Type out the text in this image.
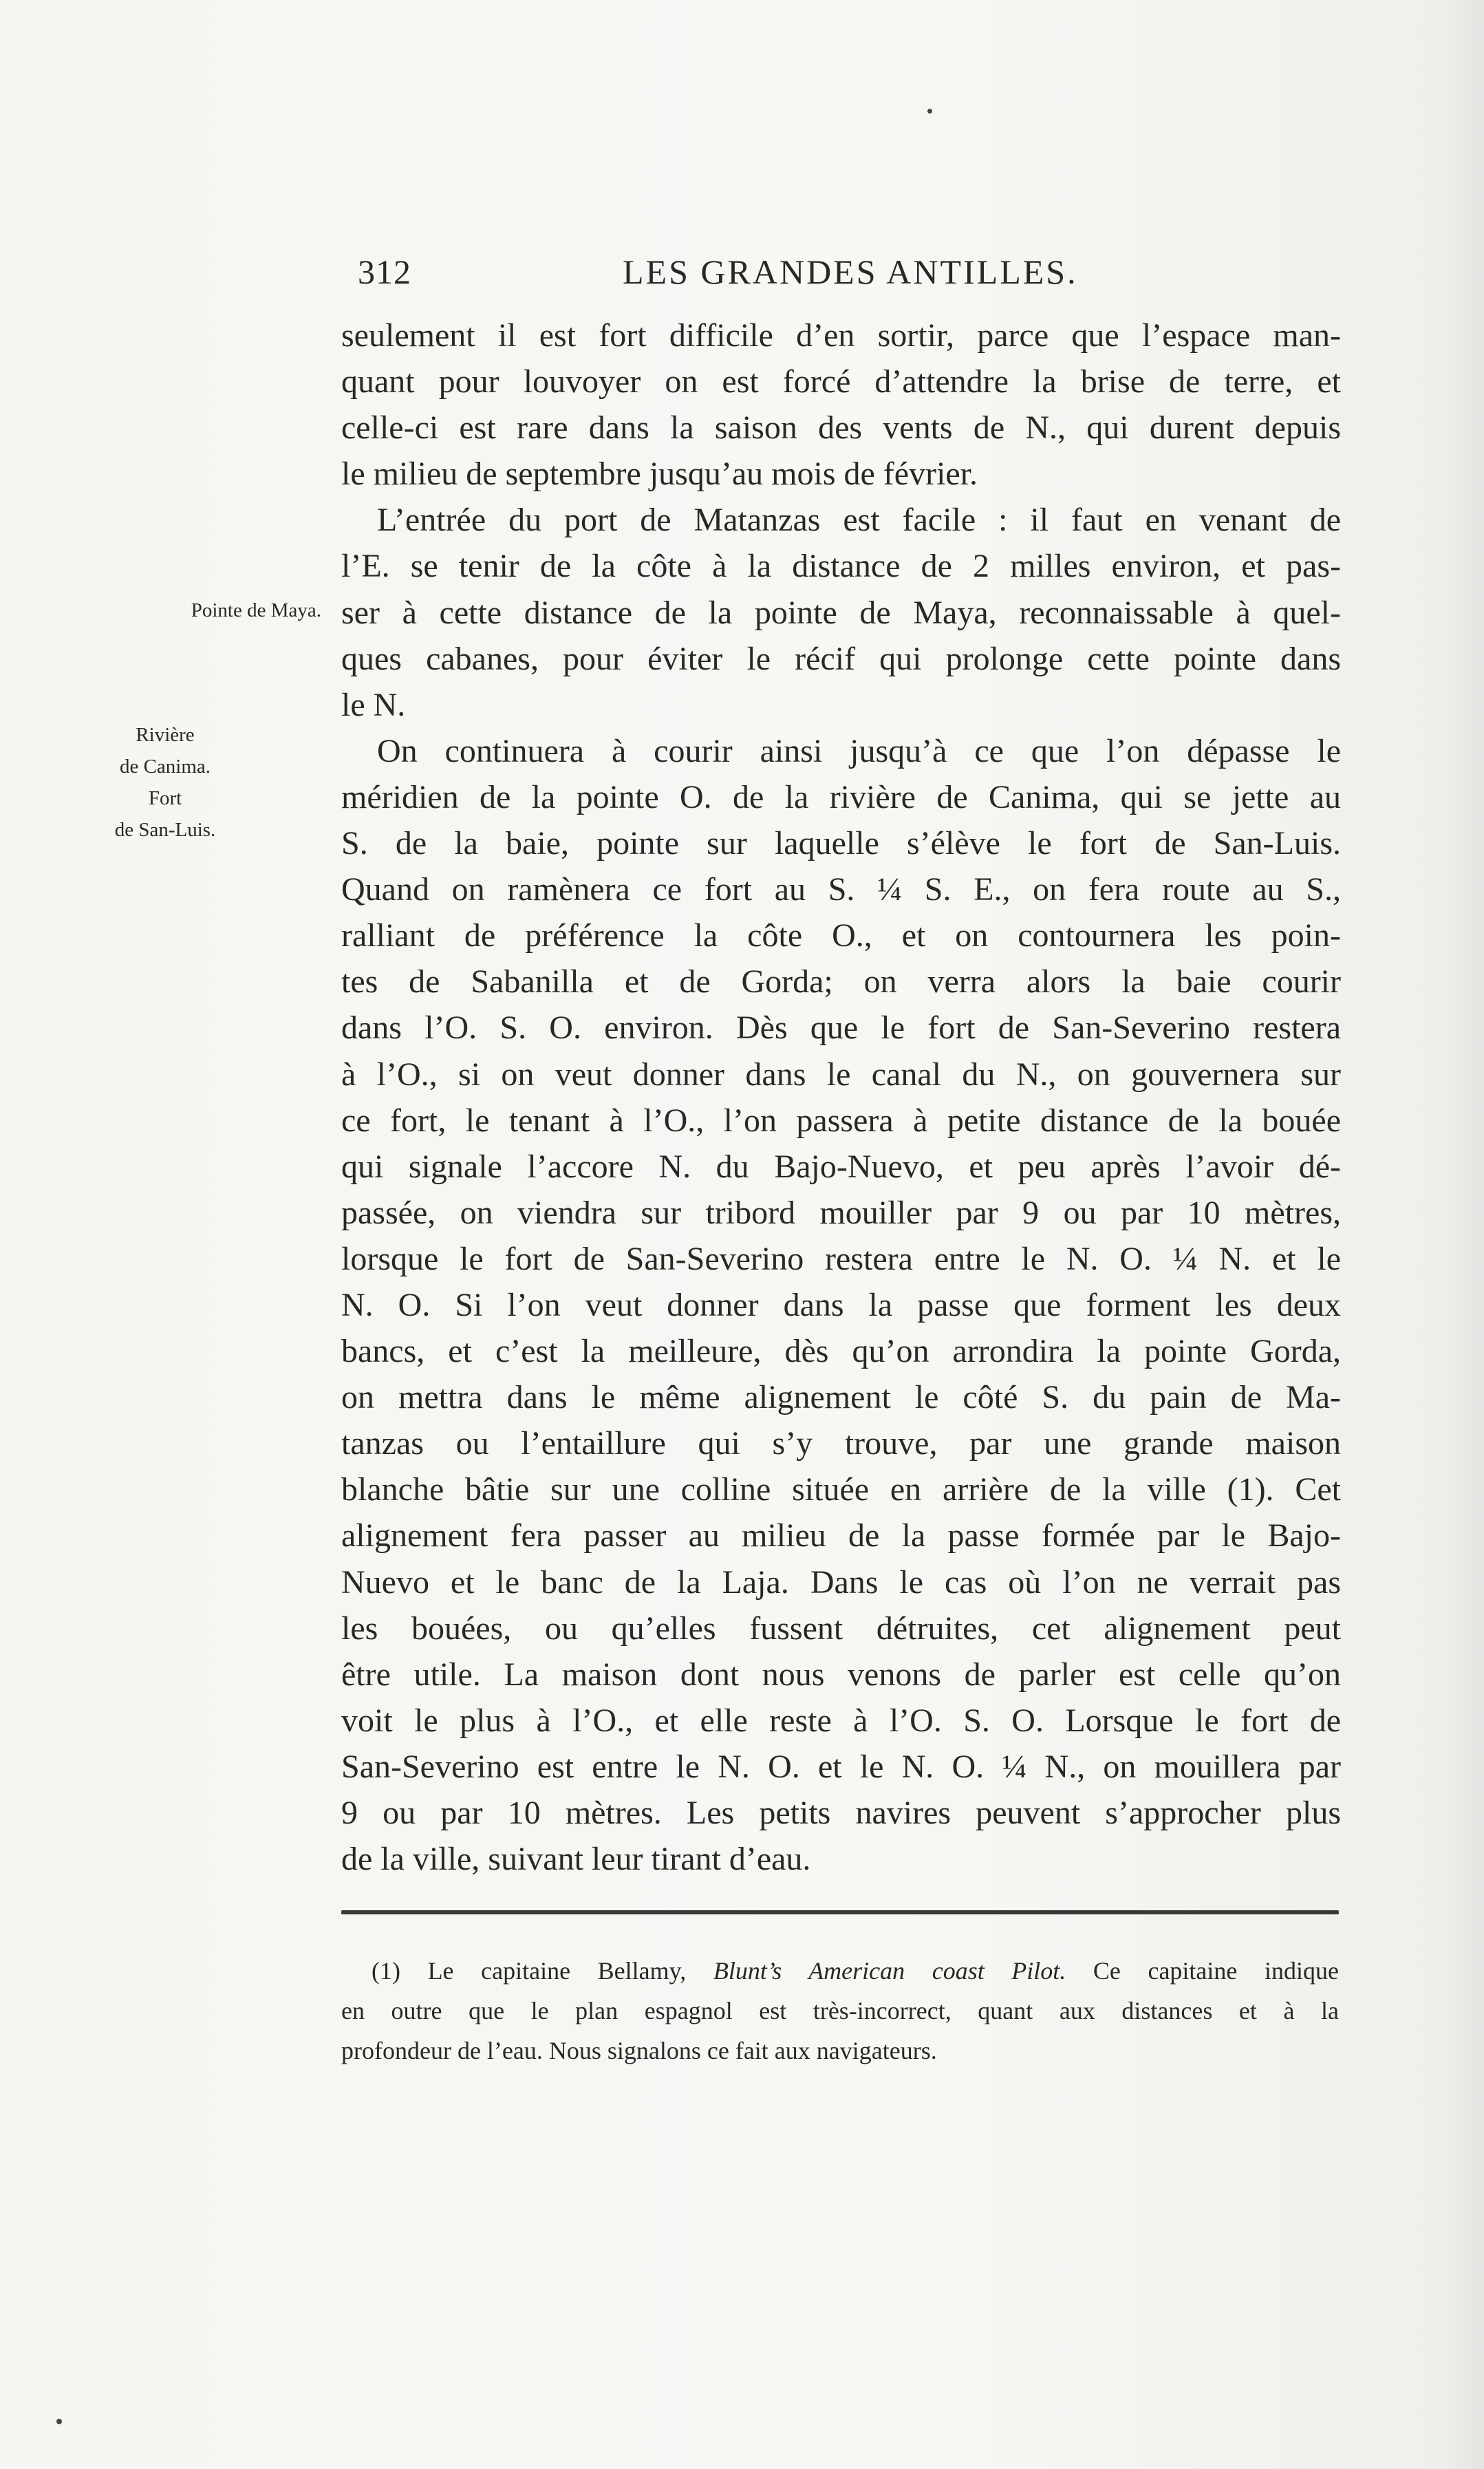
312	LES GRANDES ANTILLES.
Pointe de Maya.
Rivière
de Canima.
Fort
de San-Luis.
seulement il est fort difficile d’en sortir, parce que l’espace man-
quant pour louvoyer on est forcé d’attendre la brise de terre, et
celle-ci est rare dans la saison des vents de N., qui durent depuis
le milieu de septembre jusqu’au mois de février.
L’entrée du port de Matanzas est facile : il faut en venant de
l’E. se tenir de la côte à la distance de 2 milles environ, et pas-
ser à cette distance de la pointe de Maya, reconnaissable à quel-
ques cabanes, pour éviter le récif qui prolonge cette pointe dans
le N.
On continuera à courir ainsi jusqu’à ce que l’on dépasse le
méridien de la pointe O. de la rivière de Canima, qui se jette au
S. de la baie, pointe sur laquelle s’élève le fort de San-Luis.
Quand on ramènera ce fort au S. ¼ S. E., on fera route au S.,
ralliant de préférence la côte O., et on contournera les poin-
tes de Sabanilla et de Gorda; on verra alors la baie courir
dans l’O. S. O. environ. Dès que le fort de San-Severino restera
à l’O., si on veut donner dans le canal du N., on gouvernera sur
ce fort, le tenant à l’O., l’on passera à petite distance de la bouée
qui signale l’accore N. du Bajo-Nuevo, et peu après l’avoir dé-
passée, on viendra sur tribord mouiller par 9 ou par 10 mètres,
lorsque le fort de San-Severino restera entre le N. O. ¼ N. et le
N. O. Si l’on veut donner dans la passe que forment les deux
bancs, et c’est la meilleure, dès qu’on arrondira la pointe Gorda,
on mettra dans le même alignement le côté S. du pain de Ma-
tanzas ou l’entaillure qui s’y trouve, par une grande maison
blanche bâtie sur une colline située en arrière de la ville (1). Cet
alignement fera passer au milieu de la passe formée par le Bajo-
Nuevo et le banc de la Laja. Dans le cas où l’on ne verrait pas
les bouées, ou qu’elles fussent détruites, cet alignement peut
être utile. La maison dont nous venons de parler est celle qu’on
voit le plus à l’O., et elle reste à l’O. S. O. Lorsque le fort de
San-Severino est entre le N. O. et le N. O. ¼ N., on mouillera par
9 ou par 10 mètres. Les petits navires peuvent s’approcher plus
de la ville, suivant leur tirant d’eau.
(1) Le capitaine Bellamy, Blunt’s American coast Pilot. Ce capitaine indique
en outre que le plan espagnol est très-incorrect, quant aux distances et à la
profondeur de l’eau. Nous signalons ce fait aux navigateurs.
